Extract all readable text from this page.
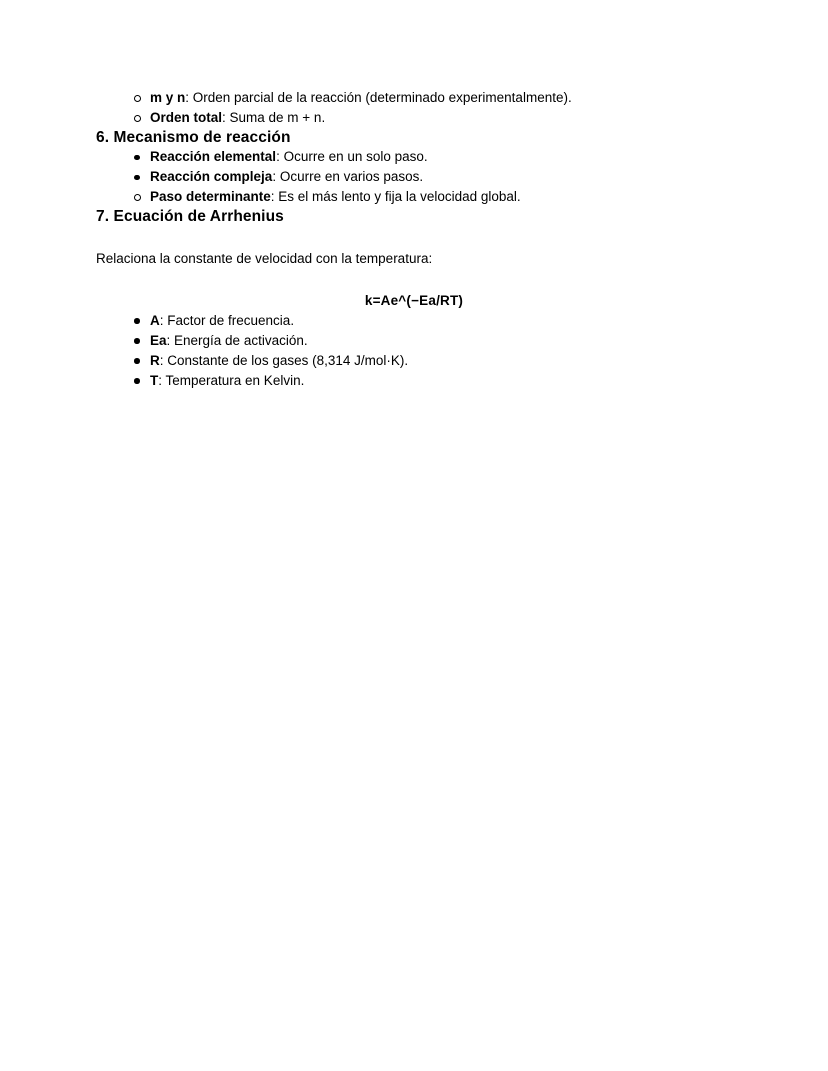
m y n: Orden parcial de la reacción (determinado experimentalmente).
Orden total: Suma de m + n.
6. Mecanismo de reacción
Reacción elemental: Ocurre en un solo paso.
Reacción compleja: Ocurre en varios pasos.
Paso determinante: Es el más lento y fija la velocidad global.
7. Ecuación de Arrhenius

Relaciona la constante de velocidad con la temperatura:

k=Ae^(−Ea/RT)
A: Factor de frecuencia.
Ea: Energía de activación.
R: Constante de los gases (8,314 J/mol·K).
T: Temperatura en Kelvin.
